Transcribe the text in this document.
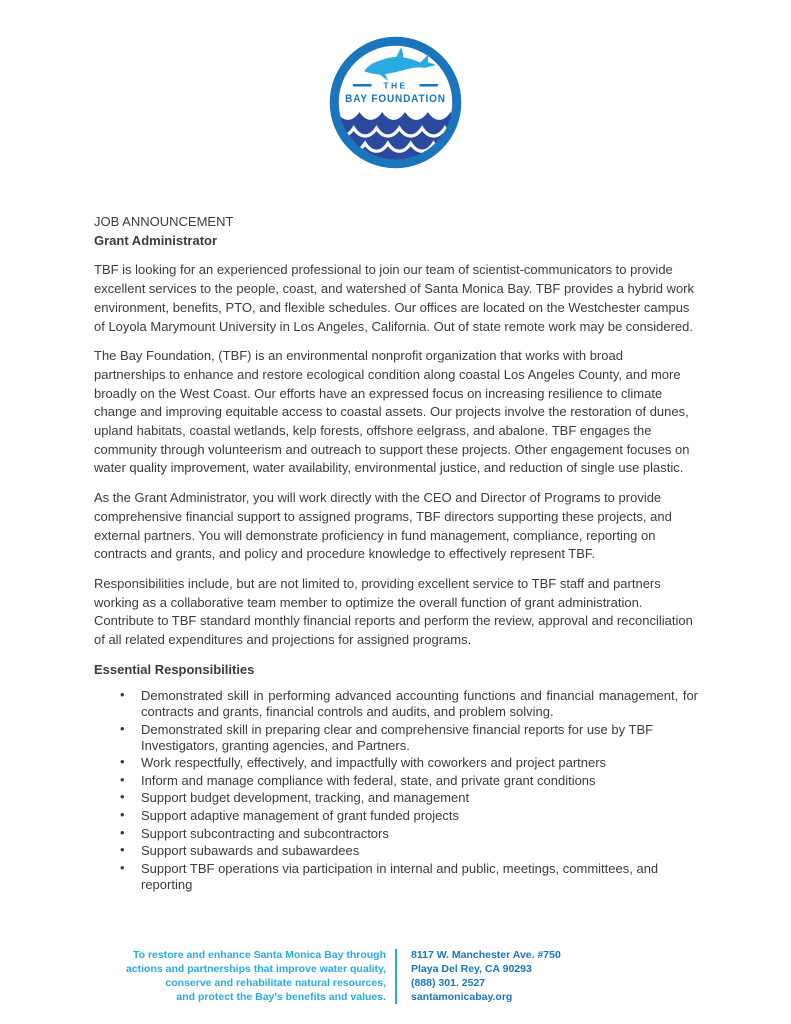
THE
BAY FOUNDATION
JOB ANNOUNCEMENT
Grant Administrator

TBF is looking for an experienced professional to join our team of scientist-communicators to provide excellent services to the people, coast, and watershed of Santa Monica Bay. TBF provides a hybrid work environment, benefits, PTO, and flexible schedules. Our offices are located on the Westchester campus of Loyola Marymount University in Los Angeles, California. Out of state remote work may be considered.

The Bay Foundation, (TBF) is an environmental nonprofit organization that works with broad partnerships to enhance and restore ecological condition along coastal Los Angeles County, and more broadly on the West Coast. Our efforts have an expressed focus on increasing resilience to climate change and improving equitable access to coastal assets. Our projects involve the restoration of dunes, upland habitats, coastal wetlands, kelp forests, offshore eelgrass, and abalone. TBF engages the community through volunteerism and outreach to support these projects. Other engagement focuses on water quality improvement, water availability, environmental justice, and reduction of single use plastic.

As the Grant Administrator, you will work directly with the CEO and Director of Programs to provide comprehensive financial support to assigned programs, TBF directors supporting these projects, and external partners. You will demonstrate proficiency in fund management, compliance, reporting on contracts and grants, and policy and procedure knowledge to effectively represent TBF.

Responsibilities include, but are not limited to, providing excellent service to TBF staff and partners working as a collaborative team member to optimize the overall function of grant administration. Contribute to TBF standard monthly financial reports and perform the review, approval and reconciliation of all related expenditures and projections for assigned programs.

Essential Responsibilities
• Demonstrated skill in performing advanced accounting functions and financial management, for contracts and grants, financial controls and audits, and problem solving.
• Demonstrated skill in preparing clear and comprehensive financial reports for use by TBF Investigators, granting agencies, and Partners.
• Work respectfully, effectively, and impactfully with coworkers and project partners
• Inform and manage compliance with federal, state, and private grant conditions
• Support budget development, tracking, and management
• Support adaptive management of grant funded projects
• Support subcontracting and subcontractors
• Support subawards and subawardees
• Support TBF operations via participation in internal and public, meetings, committees, and reporting
To restore and enhance Santa Monica Bay through
actions and partnerships that improve water quality,
conserve and rehabilitate natural resources,
and protect the Bay's benefits and values.
8117 W. Manchester Ave. #750
Playa Del Rey, CA 90293
(888) 301. 2527
santamonicabay.org
